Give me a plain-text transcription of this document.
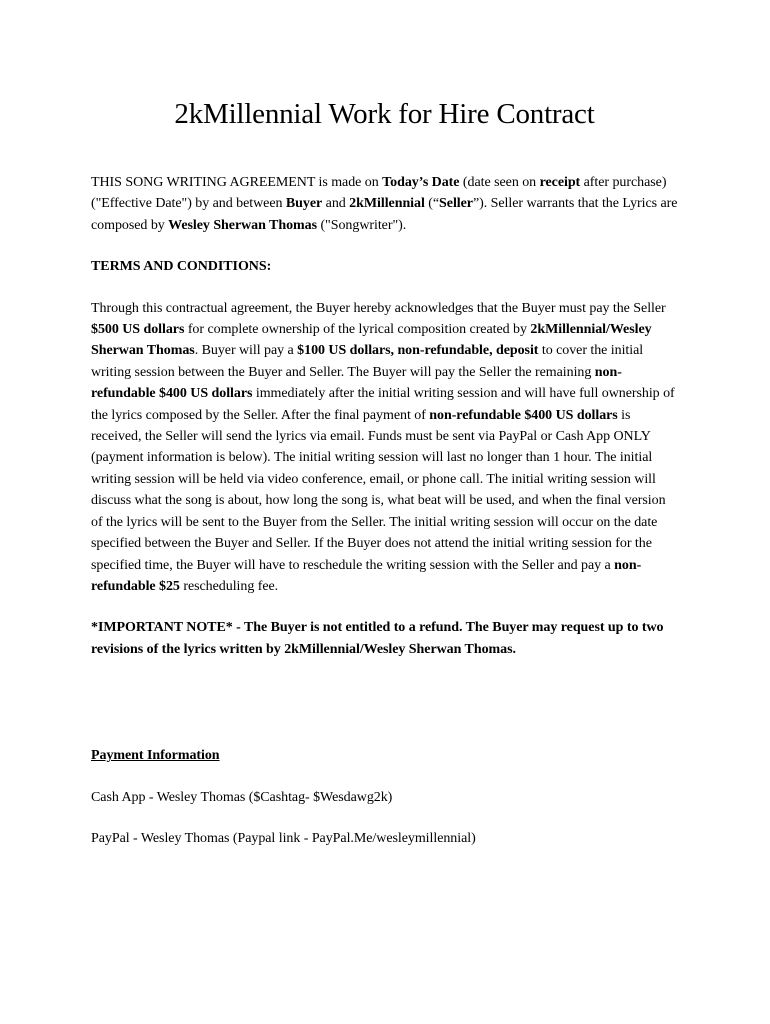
2kMillennial Work for Hire Contract

THIS SONG WRITING AGREEMENT is made on Today’s Date (date seen on receipt after purchase) ("Effective Date") by and between Buyer and 2kMillennial (“Seller”). Seller warrants that the Lyrics are composed by Wesley Sherwan Thomas ("Songwriter").

TERMS AND CONDITIONS:

Through this contractual agreement, the Buyer hereby acknowledges that the Buyer must pay the Seller $500 US dollars for complete ownership of the lyrical composition created by 2kMillennial/Wesley Sherwan Thomas. Buyer will pay a $100 US dollars, non-refundable, deposit to cover the initial writing session between the Buyer and Seller. The Buyer will pay the Seller the remaining non-refundable $400 US dollars immediately after the initial writing session and will have full ownership of the lyrics composed by the Seller. After the final payment of non-refundable $400 US dollars is received, the Seller will send the lyrics via email. Funds must be sent via PayPal or Cash App ONLY (payment information is below). The initial writing session will last no longer than 1 hour. The initial writing session will be held via video conference, email, or phone call. The initial writing session will discuss what the song is about, how long the song is, what beat will be used, and when the final version of the lyrics will be sent to the Buyer from the Seller. The initial writing session will occur on the date specified between the Buyer and Seller. If the Buyer does not attend the initial writing session for the specified time, the Buyer will have to reschedule the writing session with the Seller and pay a non-refundable $25 rescheduling fee.

*IMPORTANT NOTE* - The Buyer is not entitled to a refund. The Buyer may request up to two revisions of the lyrics written by 2kMillennial/Wesley Sherwan Thomas.

Payment Information

Cash App - Wesley Thomas ($Cashtag- $Wesdawg2k)

PayPal - Wesley Thomas (Paypal link - PayPal.Me/wesleymillennial)
